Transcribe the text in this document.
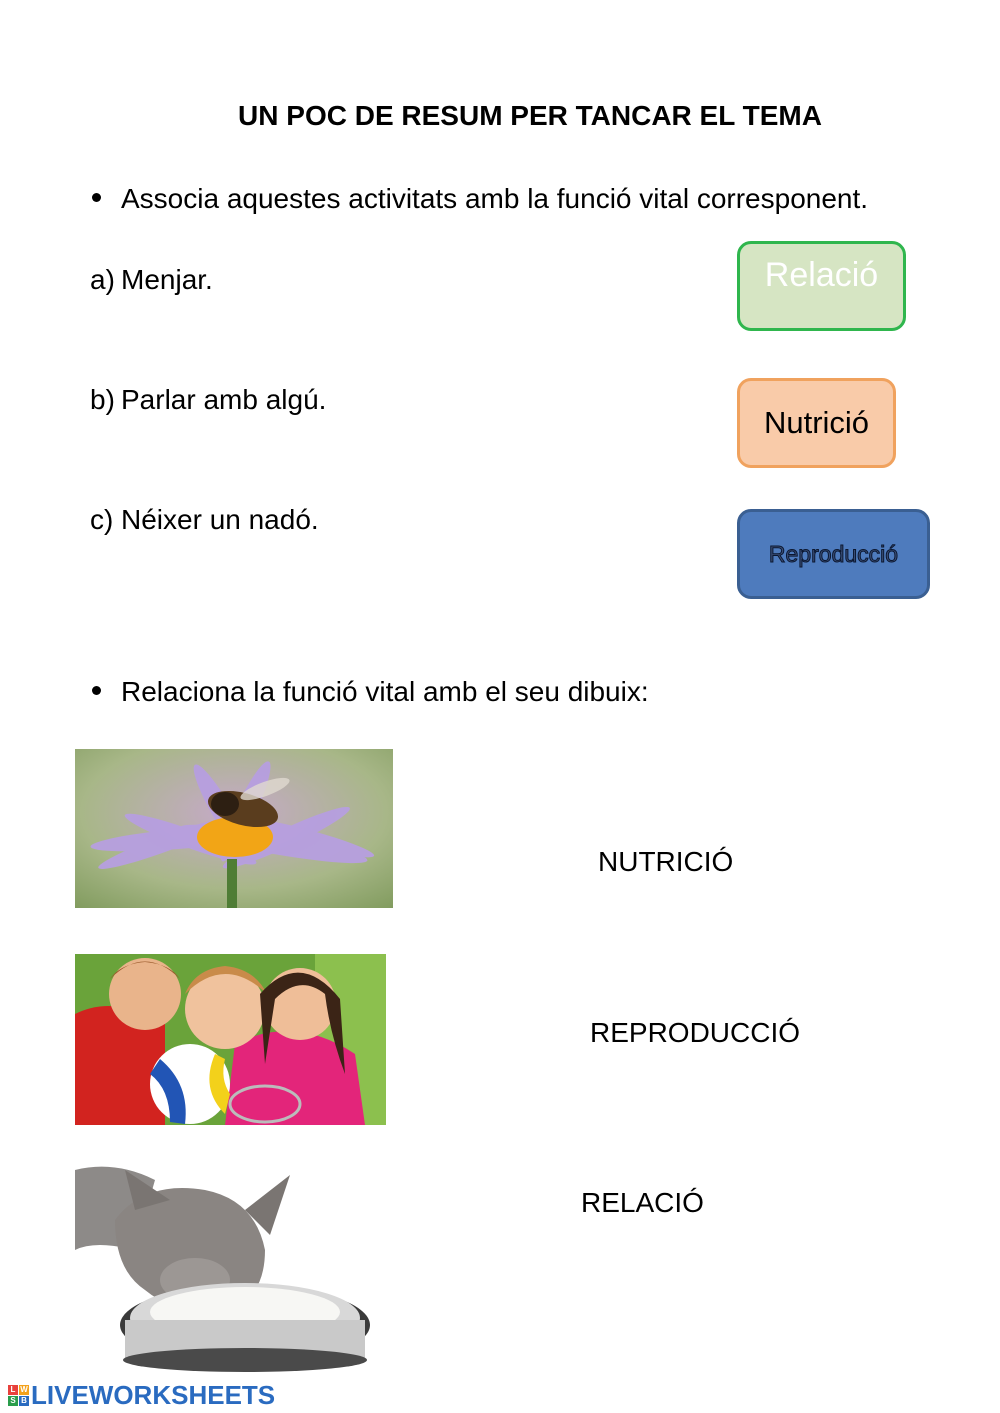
UN POC DE RESUM PER TANCAR EL TEMA
Associa aquestes activitats amb la funció vital corresponent.
a) Menjar.
b) Parlar amb algú.
c) Néixer un nadó.
Relació
Nutrició
Reproducció
Relaciona la funció vital amb el seu dibuix:
NUTRICIÓ
REPRODUCCIÓ
RELACIÓ
L W
S B LIVEWORKSHEETS
